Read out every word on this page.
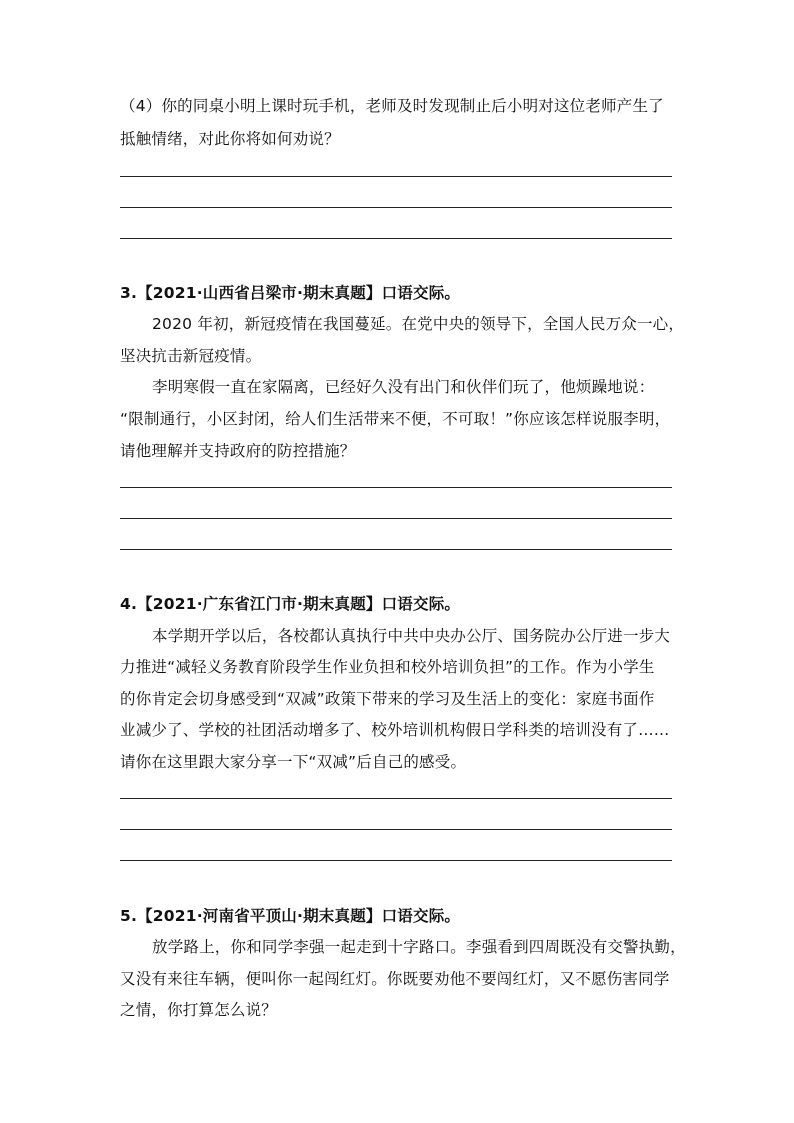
（4）你的同桌小明上课时玩手机，老师及时发现制止后小明对这位老师产生了
抵触情绪，对此你将如何劝说？
3.【2021·山西省吕梁市·期末真题】口语交际。
2020 年初，新冠疫情在我国蔓延。在党中央的领导下，全国人民万众一心，
坚决抗击新冠疫情。
李明寒假一直在家隔离，已经好久没有出门和伙伴们玩了，他烦躁地说：
“限制通行，小区封闭，给人们生活带来不便，不可取！”你应该怎样说服李明，
请他理解并支持政府的防控措施？
4.【2021·广东省江门市·期末真题】口语交际。
本学期开学以后，各校都认真执行中共中央办公厅、国务院办公厅进一步大
力推进“减轻义务教育阶段学生作业负担和校外培训负担”的工作。作为小学生
的你肯定会切身感受到“双减”政策下带来的学习及生活上的变化：家庭书面作
业减少了、学校的社团活动增多了、校外培训机构假日学科类的培训没有了……
请你在这里跟大家分享一下“双减”后自己的感受。
5.【2021·河南省平顶山·期末真题】口语交际。
放学路上，你和同学李强一起走到十字路口。李强看到四周既没有交警执勤，
又没有来往车辆，便叫你一起闯红灯。你既要劝他不要闯红灯，又不愿伤害同学
之情，你打算怎么说？
